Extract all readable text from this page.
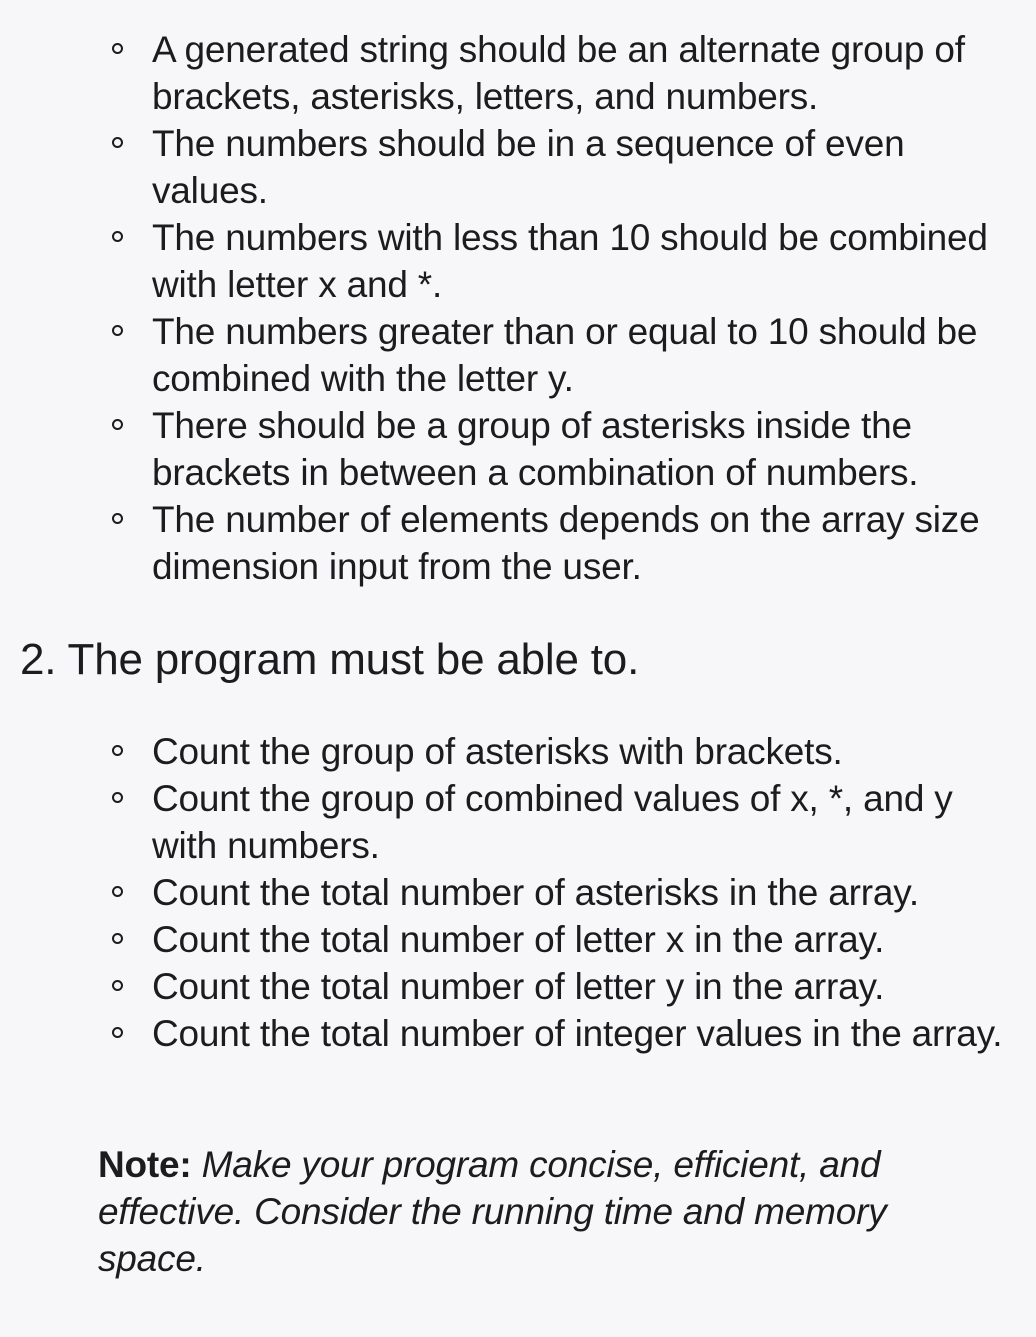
A generated string should be an alternate group of brackets, asterisks, letters, and numbers.
The numbers should be in a sequence of even values.
The numbers with less than 10 should be combined with letter x and *.
The numbers greater than or equal to 10 should be combined with the letter y.
There should be a group of asterisks inside the brackets in between a combination of numbers.
The number of elements depends on the array size dimension input from the user.
2. The program must be able to.
Count the group of asterisks with brackets.
Count the group of combined values of x, *, and y with numbers.
Count the total number of asterisks in the array.
Count the total number of letter x in the array.
Count the total number of letter y in the array.
Count the total number of integer values in the array.

Note: Make your program concise, efficient, and effective. Consider the running time and memory space.
